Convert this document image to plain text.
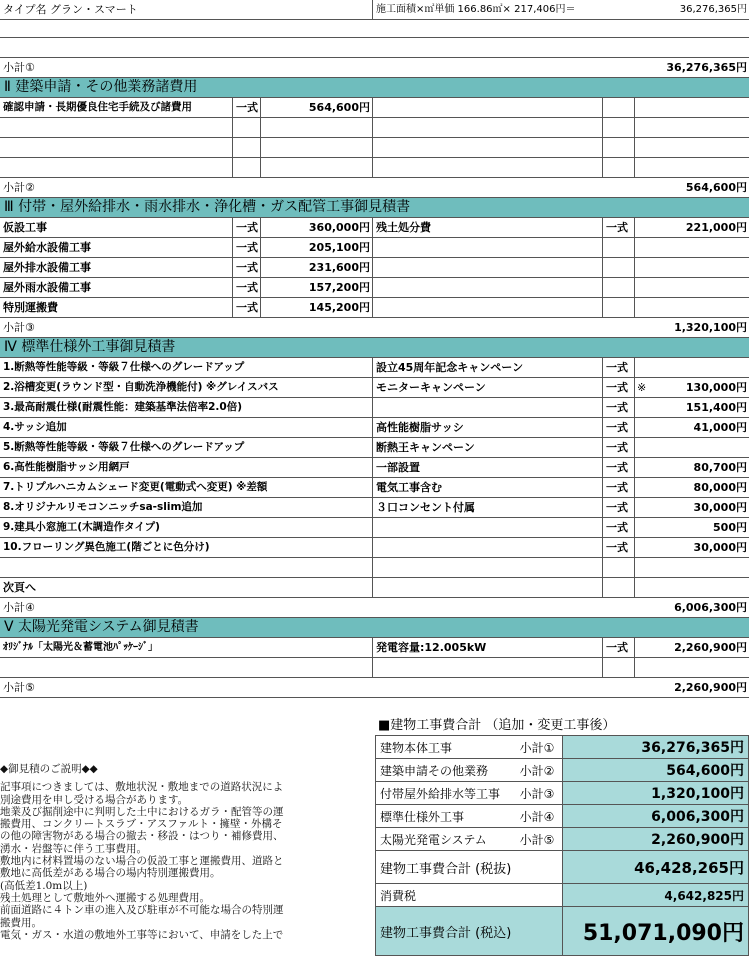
タイプ名 グラン・スマート	施工面積×㎡単価 166.86㎡× 217,406円＝	36,276,365円
小計①	36,276,365円
Ⅱ 建築申請・その他業務諸費用
確認申請・長期優良住宅手続及び諸費用	一式	564,600円
小計②	564,600円
Ⅲ 付帯・屋外給排水・雨水排水・浄化槽・ガス配管工事御見積書
仮設工事	一式	360,000円 残土処分費	一式	221,000円
屋外給水設備工事	一式	205,100円
屋外排水設備工事	一式	231,600円
屋外雨水設備工事	一式	157,200円
特別運搬費	一式	145,200円
小計③	1,320,100円
Ⅳ 標準仕様外工事御見積書
1.断熱等性能等級・等級７仕様へのグレードアップ	設立45周年記念キャンペーン	一式
2.浴槽変更(ラウンド型・自動洗浄機能付) ※グレイスバス	モニターキャンペーン	一式 ※	130,000円
3.最高耐震仕様(耐震性能：建築基準法倍率2.0倍)	一式	151,400円
4.サッシ追加	高性能樹脂サッシ	一式	41,000円
5.断熱等性能等級・等級７仕様へのグレードアップ	断熱王キャンペーン	一式
6.高性能樹脂サッシ用網戸	一部設置	一式	80,700円
7.トリプルハニカムシェード変更(電動式へ変更) ※差額	電気工事含む	一式	80,000円
8.オリジナルリモコンニッチsa-slim追加	３口コンセント付属	一式	30,000円
9.建具小窓施工(木調造作タイプ)	一式	500円
10.フローリング異色施工(階ごとに色分け)	一式	30,000円
次頁へ
小計④	6,006,300円
Ⅴ 太陽光発電システム御見積書
ｵﾘｼﾞﾅﾙ「太陽光＆蓄電池ﾊﾟｯｹｰｼﾞ」	発電容量:12.005kW	一式	2,260,900円
小計⑤	2,260,900円
■建物工事費合計 （追加・変更工事後）
建物本体工事	小計①	36,276,365円
建築申請その他業務	小計②	564,600円
付帯屋外給排水等工事	小計③	1,320,100円
標準仕様外工事	小計④	6,006,300円
太陽光発電システム	小計⑤	2,260,900円
建物工事費合計 (税抜)		46,428,265円
消費税		4,642,825円
建物工事費合計 (税込)		51,071,090円
◆御見積のご説明◆◆
記事項につきましては、敷地状況・敷地までの道路状況によ
別途費用を申し受ける場合があります。
地業及び掘削途中に判明した土中におけるガラ・配管等の運
搬費用、コンクリートスラブ・アスファルト・擁壁・外構そ
の他の障害物がある場合の撤去・移設・はつり・補修費用、
湧水・岩盤等に伴う工事費用。
敷地内に材料置場のない場合の仮設工事と運搬費用、道路と
敷地に高低差がある場合の場内特別運搬費用。
(高低差1.0m以上)
残土処理として敷地外へ運搬する処理費用。
前面道路に４トン車の進入及び駐車が不可能な場合の特別運
搬費用。
電気・ガス・水道の敷地外工事等において、申請をした上で
